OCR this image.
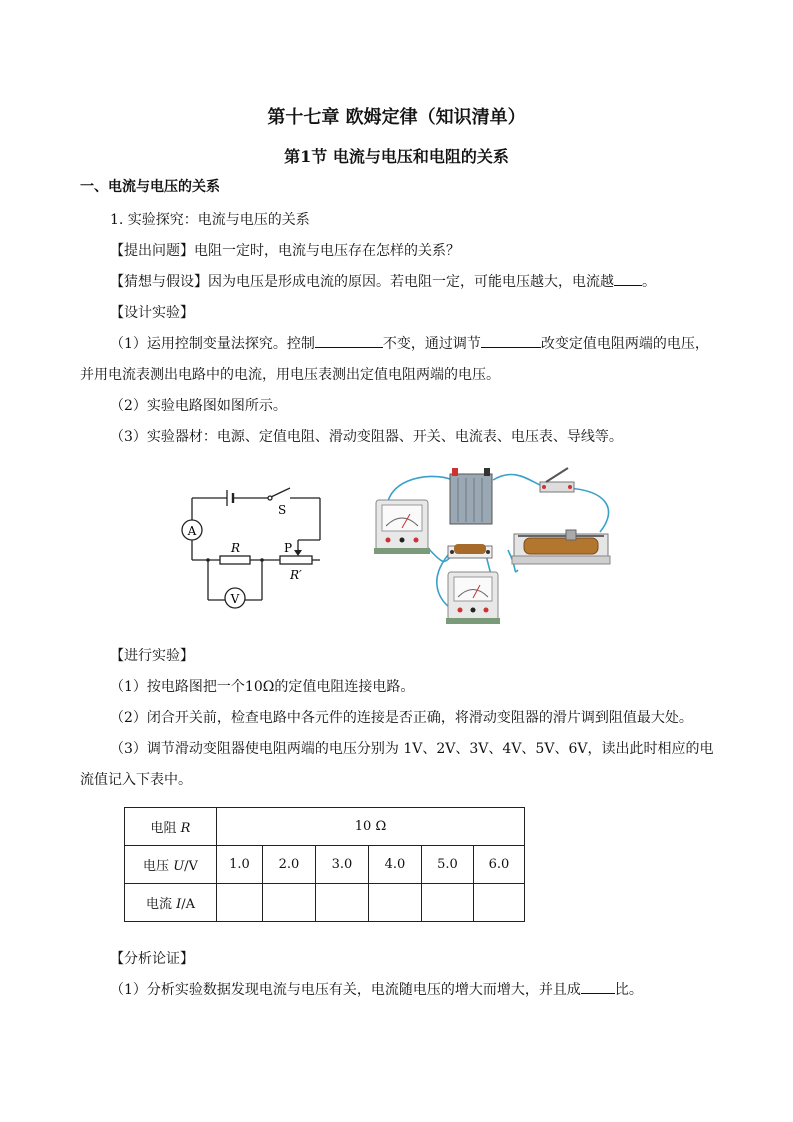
第十七章 欧姆定律（知识清单）
第1节 电流与电压和电阻的关系
一、电流与电压的关系
1. 实验探究：电流与电压的关系
【提出问题】电阻一定时，电流与电压存在怎样的关系？
【猜想与假设】因为电压是形成电流的原因。若电阻一定，可能电压越大，电流越 。
【设计实验】
（1）运用控制变量法探究。控制	不变，通过调节	改变定值电阻两端的电压，
并用电流表测出电路中的电流，用电压表测出定值电阻两端的电压。
（2）实验电路图如图所示。
（3）实验器材：电源、定值电阻、滑动变阻器、开关、电流表、电压表、导线等。
A
V
S
R	P
R′
【进行实验】
（1）按电路图把一个10Ω的定值电阻连接电路。
（2）闭合开关前，检查电路中各元件的连接是否正确，将滑动变阻器的滑片调到阻值最大处。
（3）调节滑动变阻器使电阻两端的电压分别为 1V、2V、3V、4V、5V、6V，读出此时相应的电
流值记入下表中。
电阻 R	10 Ω					
电压 U/V	1.0	2.0	3.0	4.0	5.0	6.0
电流 I/A						
【分析论证】
（1）分析实验数据发现电流与电压有关，电流随电压的增大而增大，并且成 比。
